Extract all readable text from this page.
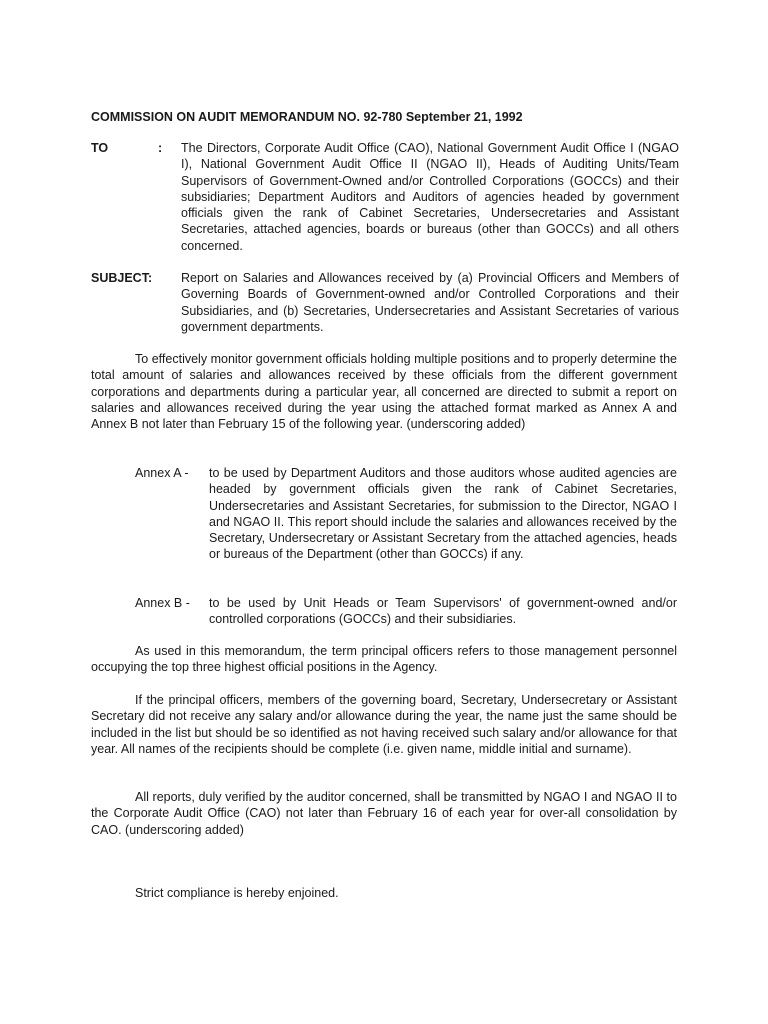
COMMISSION ON AUDIT MEMORANDUM NO. 92-780 September 21, 1992
TO	: The Directors, Corporate Audit Office (CAO), National Government Audit Office I (NGAO I), National Government Audit Office II (NGAO II), Heads of Auditing Units/Team Supervisors of Government-Owned and/or Controlled Corporations (GOCCs) and their subsidiaries; Department Auditors and Auditors of agencies headed by government officials given the rank of Cabinet Secretaries, Undersecretaries and Assistant Secretaries, attached agencies, boards or bureaus (other than GOCCs) and all others concerned.
SUBJECT: Report on Salaries and Allowances received by (a) Provincial Officers and Members of Governing Boards of Government-owned and/or Controlled Corporations and their Subsidiaries, and (b) Secretaries, Undersecretaries and Assistant Secretaries of various government departments.
To effectively monitor government officials holding multiple positions and to properly determine the total amount of salaries and allowances received by these officials from the different government corporations and departments during a particular year, all concerned are directed to submit a report on salaries and allowances received during the year using the attached format marked as Annex A and Annex B not later than February 15 of the following year. (underscoring added)
Annex A - to be used by Department Auditors and those auditors whose audited agencies are headed by government officials given the rank of Cabinet Secretaries, Undersecretaries and Assistant Secretaries, for submission to the Director, NGAO I and NGAO II. This report should include the salaries and allowances received by the Secretary, Undersecretary or Assistant Secretary from the attached agencies, heads or bureaus of the Department (other than GOCCs) if any.
Annex B - to be used by Unit Heads or Team Supervisors' of government-owned and/or controlled corporations (GOCCs) and their subsidiaries.
As used in this memorandum, the term principal officers refers to those management personnel occupying the top three highest official positions in the Agency.
If the principal officers, members of the governing board, Secretary, Undersecretary or Assistant Secretary did not receive any salary and/or allowance during the year, the name just the same should be included in the list but should be so identified as not having received such salary and/or allowance for that year. All names of the recipients should be complete (i.e. given name, middle initial and surname).
All reports, duly verified by the auditor concerned, shall be transmitted by NGAO I and NGAO II to the Corporate Audit Office (CAO) not later than February 16 of each year for over-all consolidation by CAO. (underscoring added)
Strict compliance is hereby enjoined.
